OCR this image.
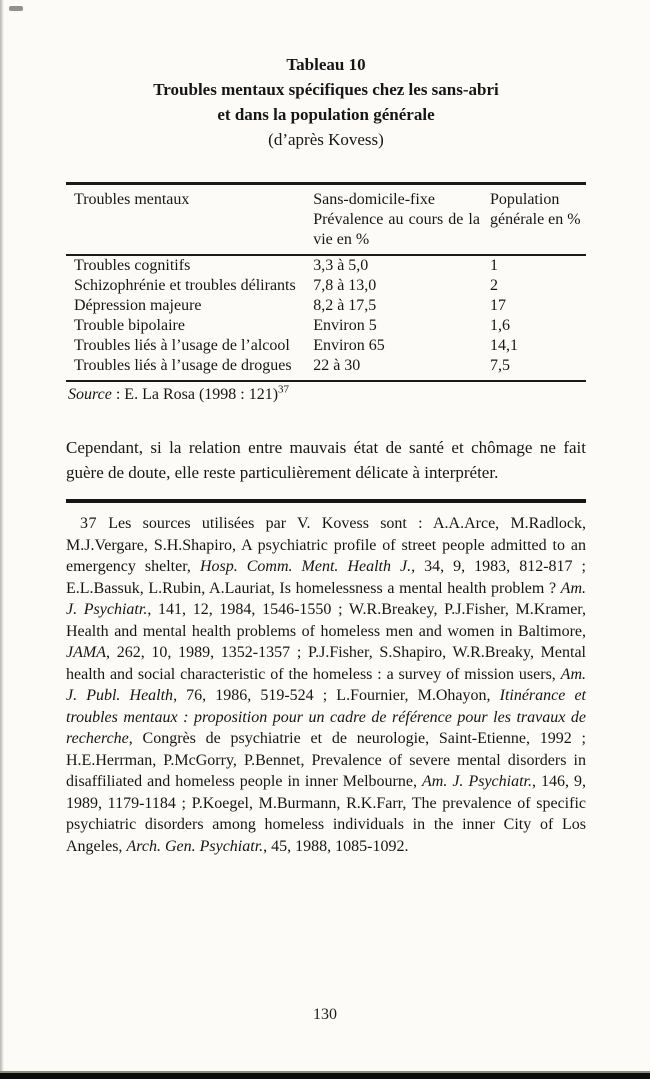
Tableau 10
Troubles mentaux spécifiques chez les sans-abri
et dans la population générale
(d’après Kovess)
Troubles mentaux	Sans-domicile-fixe Prévalence au cours de la vie en %	Population générale en %
Troubles cognitifs	3,3 à 5,0	1
Schizophrénie et troubles délirants	7,8 à 13,0	2
Dépression majeure	8,2 à 17,5	17
Trouble bipolaire	Environ 5	1,6
Troubles liés à l’usage de l’alcool	Environ 65	14,1
Troubles liés à l’usage de drogues	22 à 30	7,5
Source : E. La Rosa (1998 : 121)$^{37}$

Cependant, si la relation entre mauvais état de santé et chômage ne fait guère de doute, elle reste particulièrement délicate à interpréter.

37 Les sources utilisées par V. Kovess sont : A.A.Arce, M.Radlock, M.J.Vergare, S.H.Shapiro, A psychiatric profile of street people admitted to an emergency shelter, Hosp. Comm. Ment. Health J., 34, 9, 1983, 812-817 ; E.L.Bassuk, L.Rubin, A.Lauriat, Is homelessness a mental health problem ? Am. J. Psychiatr., 141, 12, 1984, 1546-1550 ; W.R.Breakey, P.J.Fisher, M.Kramer, Health and mental health problems of homeless men and women in Baltimore, JAMA, 262, 10, 1989, 1352-1357 ; P.J.Fisher, S.Shapiro, W.R.Breaky, Mental health and social characteristic of the homeless : a survey of mission users, Am. J. Publ. Health, 76, 1986, 519-524 ; L.Fournier, M.Ohayon, Itinérance et troubles mentaux : proposition pour un cadre de référence pour les travaux de recherche, Congrès de psychiatrie et de neurologie, Saint-Etienne, 1992 ; H.E.Herrman, P.McGorry, P.Bennet, Prevalence of severe mental disorders in disaffiliated and homeless people in inner Melbourne, Am. J. Psychiatr., 146, 9, 1989, 1179-1184 ; P.Koegel, M.Burmann, R.K.Farr, The prevalence of specific psychiatric disorders among homeless individuals in the inner City of Los Angeles, Arch. Gen. Psychiatr., 45, 1988, 1085-1092.

130
